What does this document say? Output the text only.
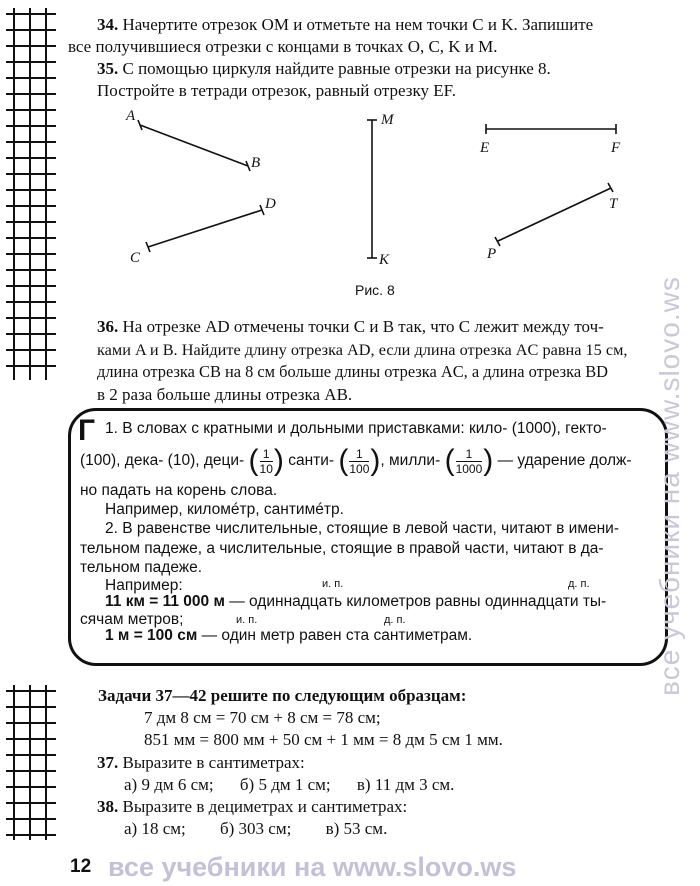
34. Начертите отрезок OM и отметьте на нем точки C и K. Запишите
все получившиеся отрезки с концами в точках O, C, K и M.
35. С помощью циркуля найдите равные отрезки на рисунке 8.
Постройте в тетради отрезок, равный отрезку EF.
A
B
C
D
M
K
E	F
T
P
Рис. 8
36. На отрезке AD отмечены точки C и B так, что C лежит между точ-
ками A и B. Найдите длину отрезка AD, если длина отрезка AC равна 15 см,
длина отрезка CB на 8 см больше длины отрезка AC, а длина отрезка BD
в 2 раза больше длины отрезка AB.
Г 1. В словах с кратными и дольными приставками: кило- (1000), гекто-
(100), дека- (10), деци- ( $\frac{1}{10}$ ) санти- ( $\frac{1}{100}$ ), милли- ( $\frac{1}{1000}$ ) — ударение долж-
но падать на корень слова.
Например, киломéтр, сантимéтр.
2. В равенстве числительные, стоящие в левой части, читают в имени-
тельном падеже, а числительные, стоящие в правой части, читают в да-
тельном падеже.
Например:	и. п.	д. п.
11 км = 11 000 м — одиннадцать километров равны одиннадцати ты-
сячам метров;	и. п.	д. п.
1 м = 100 см — один метр равен ста сантиметрам.
Задачи 37—42 решите по следующим образцам:
7 дм 8 см = 70 см + 8 см = 78 см;
851 мм = 800 мм + 50 см + 1 мм = 8 дм 5 см 1 мм.
37. Выразите в сантиметрах:
а) 9 дм 6 см; б) 5 дм 1 см; в) 11 дм 3 см.
38. Выразите в дециметрах и сантиметрах:
а) 18 см; б) 303 см; в) 53 см.
12 все учебники на www.slovo.ws
все учебники на www.slovo.ws
